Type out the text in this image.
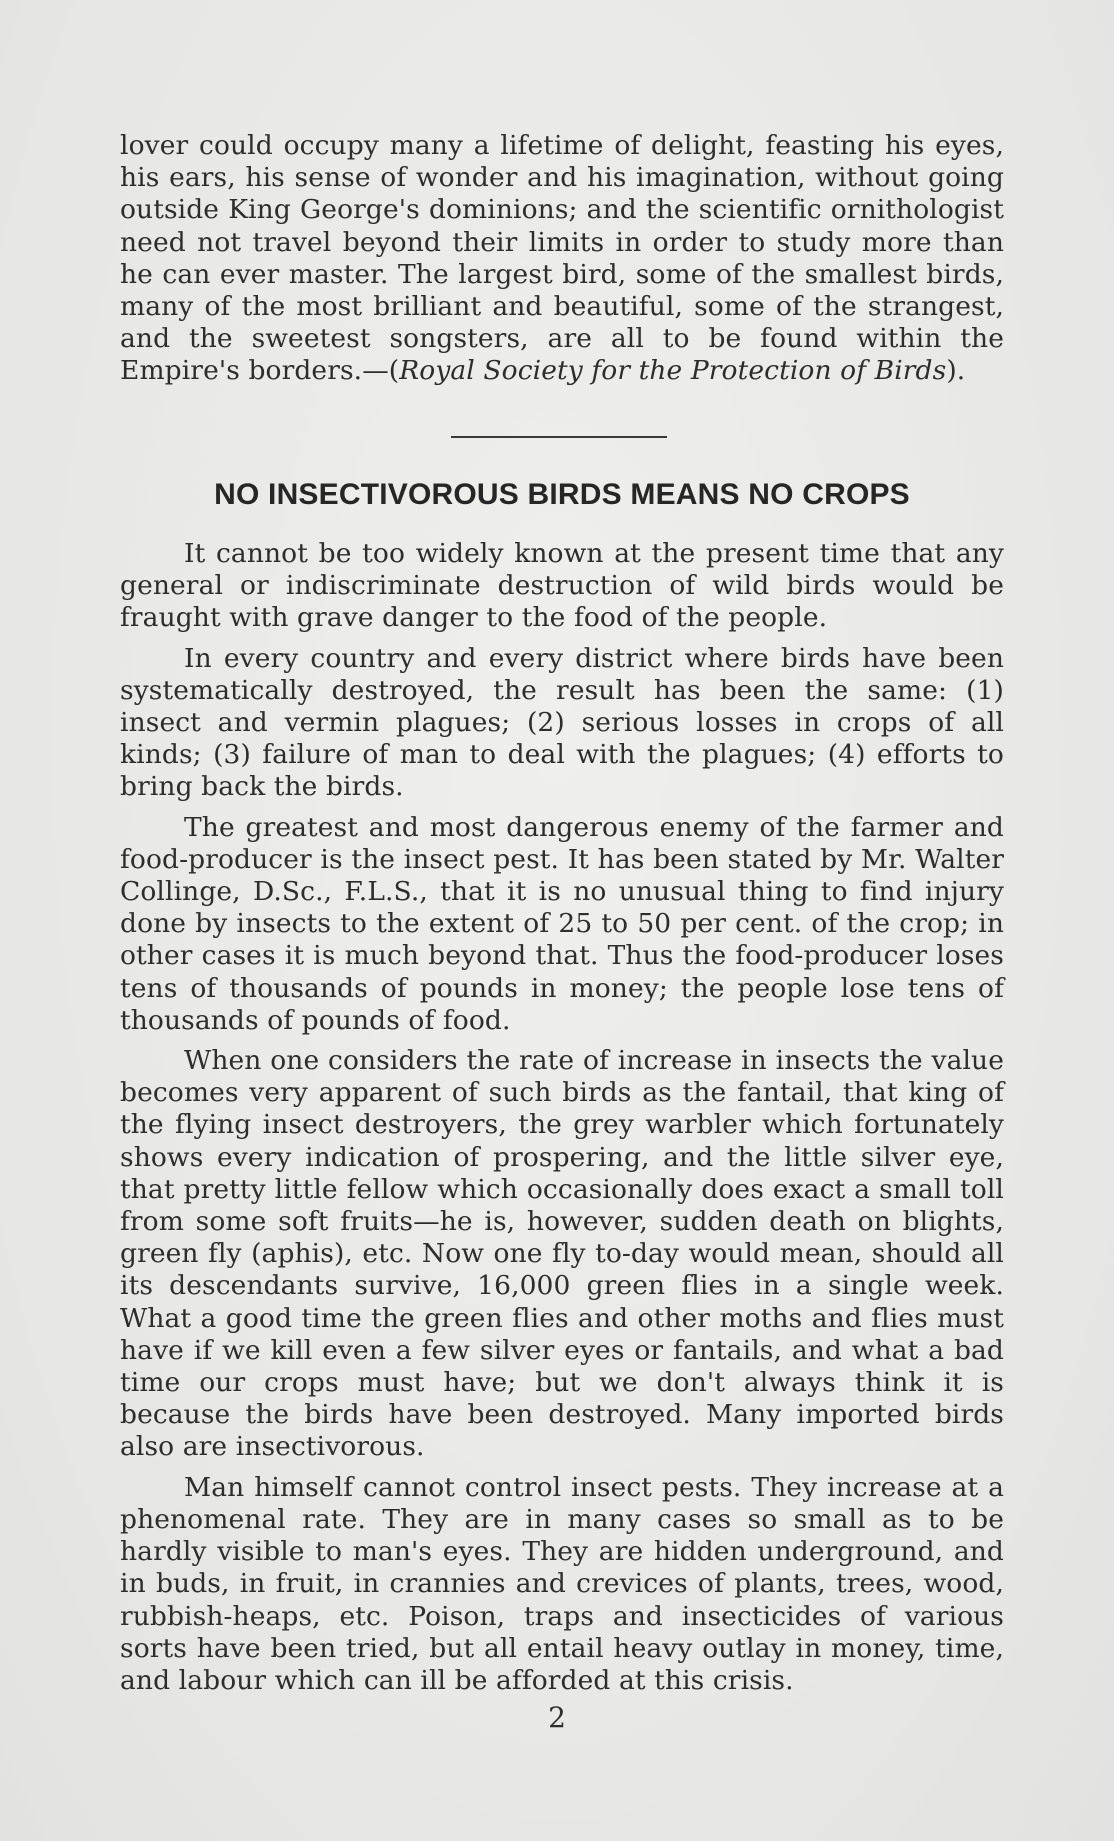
lover could occupy many a lifetime of delight, feasting his eyes, his ears, his sense of wonder and his imagination, without going outside King George's dominions; and the scientific ornithologist need not travel beyond their limits in order to study more than he can ever master. The largest bird, some of the smallest birds, many of the most brilliant and beautiful, some of the strangest, and the sweetest songsters, are all to be found within the Empire's borders.—(Royal Society for the Protection of Birds).

NO INSECTIVOROUS BIRDS MEANS NO CROPS

It cannot be too widely known at the present time that any general or indiscriminate destruction of wild birds would be fraught with grave danger to the food of the people.

In every country and every district where birds have been systematically destroyed, the result has been the same: (1) insect and vermin plagues; (2) serious losses in crops of all kinds; (3) failure of man to deal with the plagues; (4) efforts to bring back the birds.

The greatest and most dangerous enemy of the farmer and food-producer is the insect pest. It has been stated by Mr. Walter Collinge, D.Sc., F.L.S., that it is no unusual thing to find injury done by insects to the extent of 25 to 50 per cent. of the crop; in other cases it is much beyond that. Thus the food-producer loses tens of thousands of pounds in money; the people lose tens of thousands of pounds of food.

When one considers the rate of increase in insects the value becomes very apparent of such birds as the fantail, that king of the flying insect destroyers, the grey warbler which fortunately shows every indication of prospering, and the little silver eye, that pretty little fellow which occasionally does exact a small toll from some soft fruits—he is, however, sudden death on blights, green fly (aphis), etc. Now one fly to-day would mean, should all its descendants survive, 16,000 green flies in a single week. What a good time the green flies and other moths and flies must have if we kill even a few silver eyes or fantails, and what a bad time our crops must have; but we don't always think it is because the birds have been destroyed. Many imported birds also are insectivorous.

Man himself cannot control insect pests. They increase at a phenomenal rate. They are in many cases so small as to be hardly visible to man's eyes. They are hidden underground, and in buds, in fruit, in crannies and crevices of plants, trees, wood, rubbish-heaps, etc. Poison, traps and insecticides of various sorts have been tried, but all entail heavy outlay in money, time, and labour which can ill be afforded at this crisis.

2
